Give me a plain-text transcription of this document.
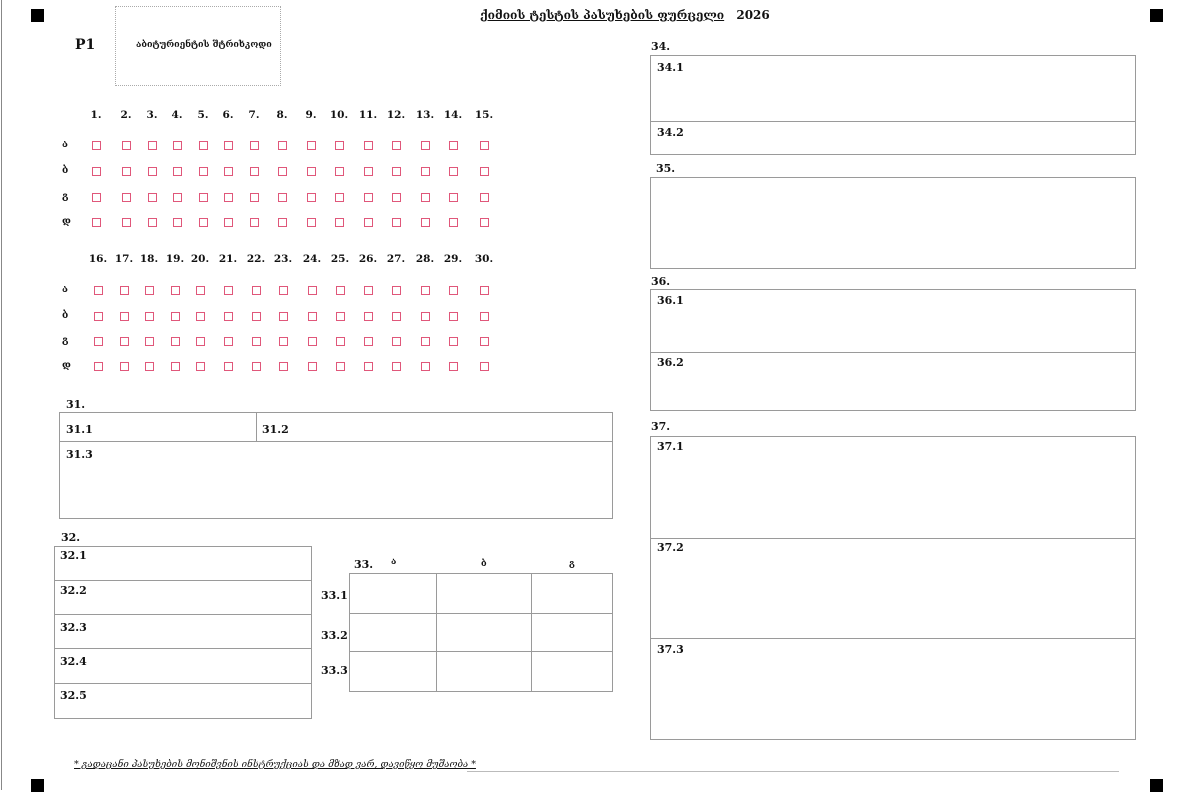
P1	აბიტურიენტის შტრიხკოდი
ქიმიის ტესტის პასუხების ფურცელი 2026
1.	2.	3.	4.	5.	6.	7.	8.	9.	10.	11. 12.	13. 14.	15.
ა
ბ
გ
დ
16. 17. 18. 19. 20. 21. 22. 23.	24. 25. 26. 27.	28. 29.	30.
ა
ბ
გ
დ
31.
31.1	31.2
31.3
32.
32.1
32.2
32.3
32.4
32.5
33. ა	ბ	გ
33.1
33.2
33.3
34.
34.1
34.2
35.
36.
36.1
36.2
37.
37.1
37.2
37.3
* გადაცანი პასუხების მონიშვნის ინსტრუქციას და მზად ვარ, დავიწყო მუშაობა *
